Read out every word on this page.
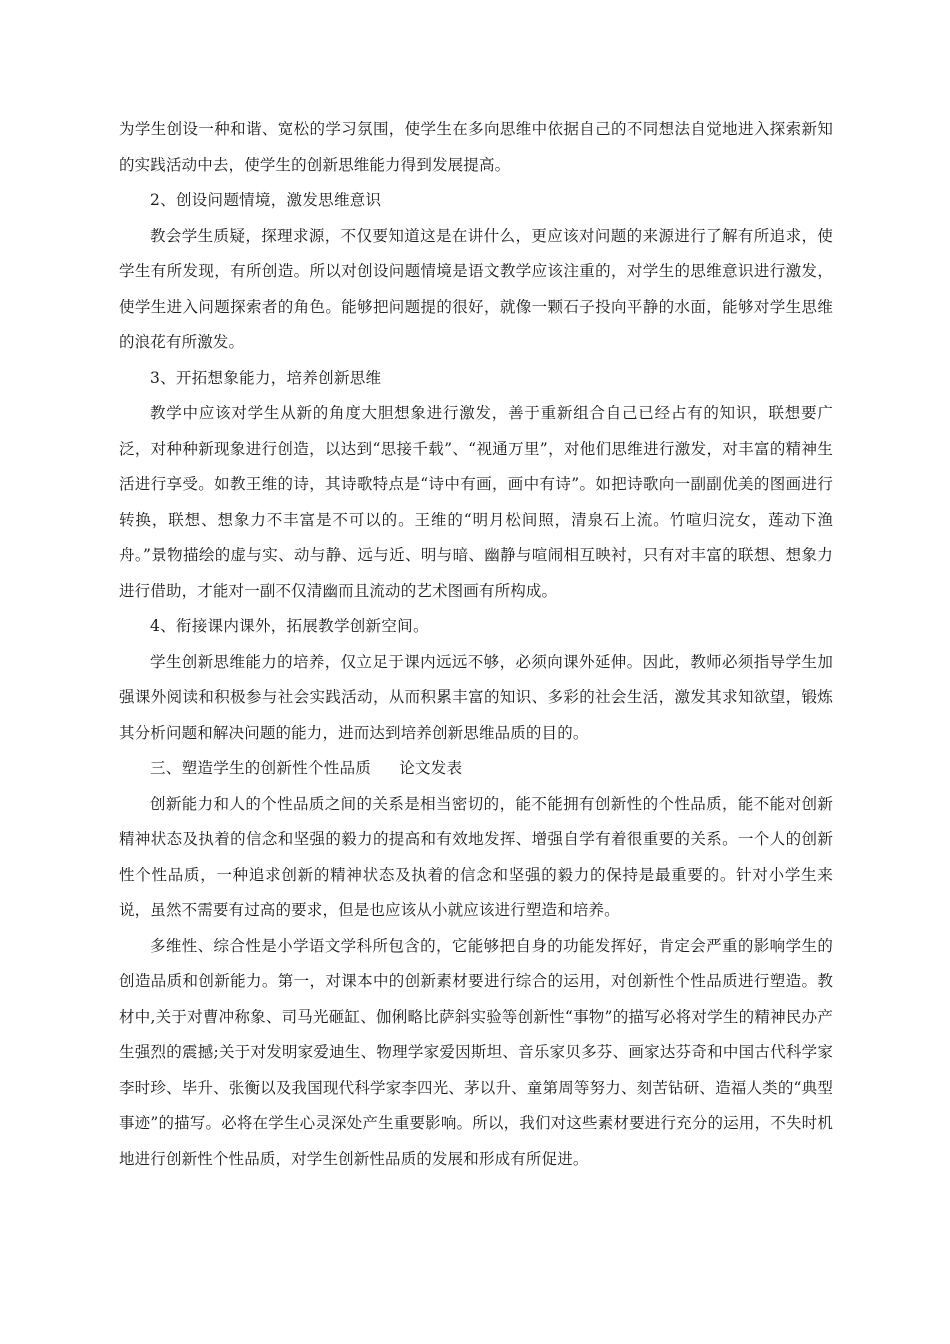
为学生创设一种和谐、宽松的学习氛围，使学生在多向思维中依据自己的不同想法自觉地进入探索新知的实践活动中去，使学生的创新思维能力得到发展提高。

2、创设问题情境，激发思维意识

教会学生质疑，探理求源，不仅要知道这是在讲什么，更应该对问题的来源进行了解有所追求，使学生有所发现，有所创造。所以对创设问题情境是语文教学应该注重的，对学生的思维意识进行激发，使学生进入问题探索者的角色。能够把问题提的很好，就像一颗石子投向平静的水面，能够对学生思维的浪花有所激发。

3、开拓想象能力，培养创新思维

教学中应该对学生从新的角度大胆想象进行激发，善于重新组合自己已经占有的知识，联想要广泛，对种种新现象进行创造，以达到“思接千载”、“视通万里”，对他们思维进行激发，对丰富的精神生活进行享受。如教王维的诗，其诗歌特点是“诗中有画，画中有诗”。如把诗歌向一副副优美的图画进行转换，联想、想象力不丰富是不可以的。王维的“明月松间照，清泉石上流。竹喧归浣女，莲动下渔舟。”景物描绘的虚与实、动与静、远与近、明与暗、幽静与喧闹相互映衬，只有对丰富的联想、想象力进行借助，才能对一副不仅清幽而且流动的艺术图画有所构成。

4、衔接课内课外，拓展教学创新空间。

学生创新思维能力的培养，仅立足于课内远远不够，必须向课外延伸。因此，教师必须指导学生加强课外阅读和积极参与社会实践活动，从而积累丰富的知识、多彩的社会生活，激发其求知欲望，锻炼其分析问题和解决问题的能力，进而达到培养创新思维品质的目的。

三、塑造学生的创新性个性品质 论文发表

创新能力和人的个性品质之间的关系是相当密切的，能不能拥有创新性的个性品质，能不能对创新精神状态及执着的信念和坚强的毅力的提高和有效地发挥、增强自学有着很重要的关系。一个人的创新性个性品质，一种追求创新的精神状态及执着的信念和坚强的毅力的保持是最重要的。针对小学生来说，虽然不需要有过高的要求，但是也应该从小就应该进行塑造和培养。

多维性、综合性是小学语文学科所包含的，它能够把自身的功能发挥好，肯定会严重的影响学生的创造品质和创新能力。第一，对课本中的创新素材要进行综合的运用，对创新性个性品质进行塑造。教材中,关于对曹冲称象、司马光砸缸、伽俐略比萨斜实验等创新性“事物”的描写必将对学生的精神民办产生强烈的震撼;关于对发明家爱迪生、物理学家爱因斯坦、音乐家贝多芬、画家达芬奇和中国古代科学家李时珍、毕升、张衡以及我国现代科学家李四光、茅以升、童第周等努力、刻苦钻研、造福人类的“典型事迹”的描写。必将在学生心灵深处产生重要影响。所以，我们对这些素材要进行充分的运用，不失时机地进行创新性个性品质，对学生创新性品质的发展和形成有所促进。
